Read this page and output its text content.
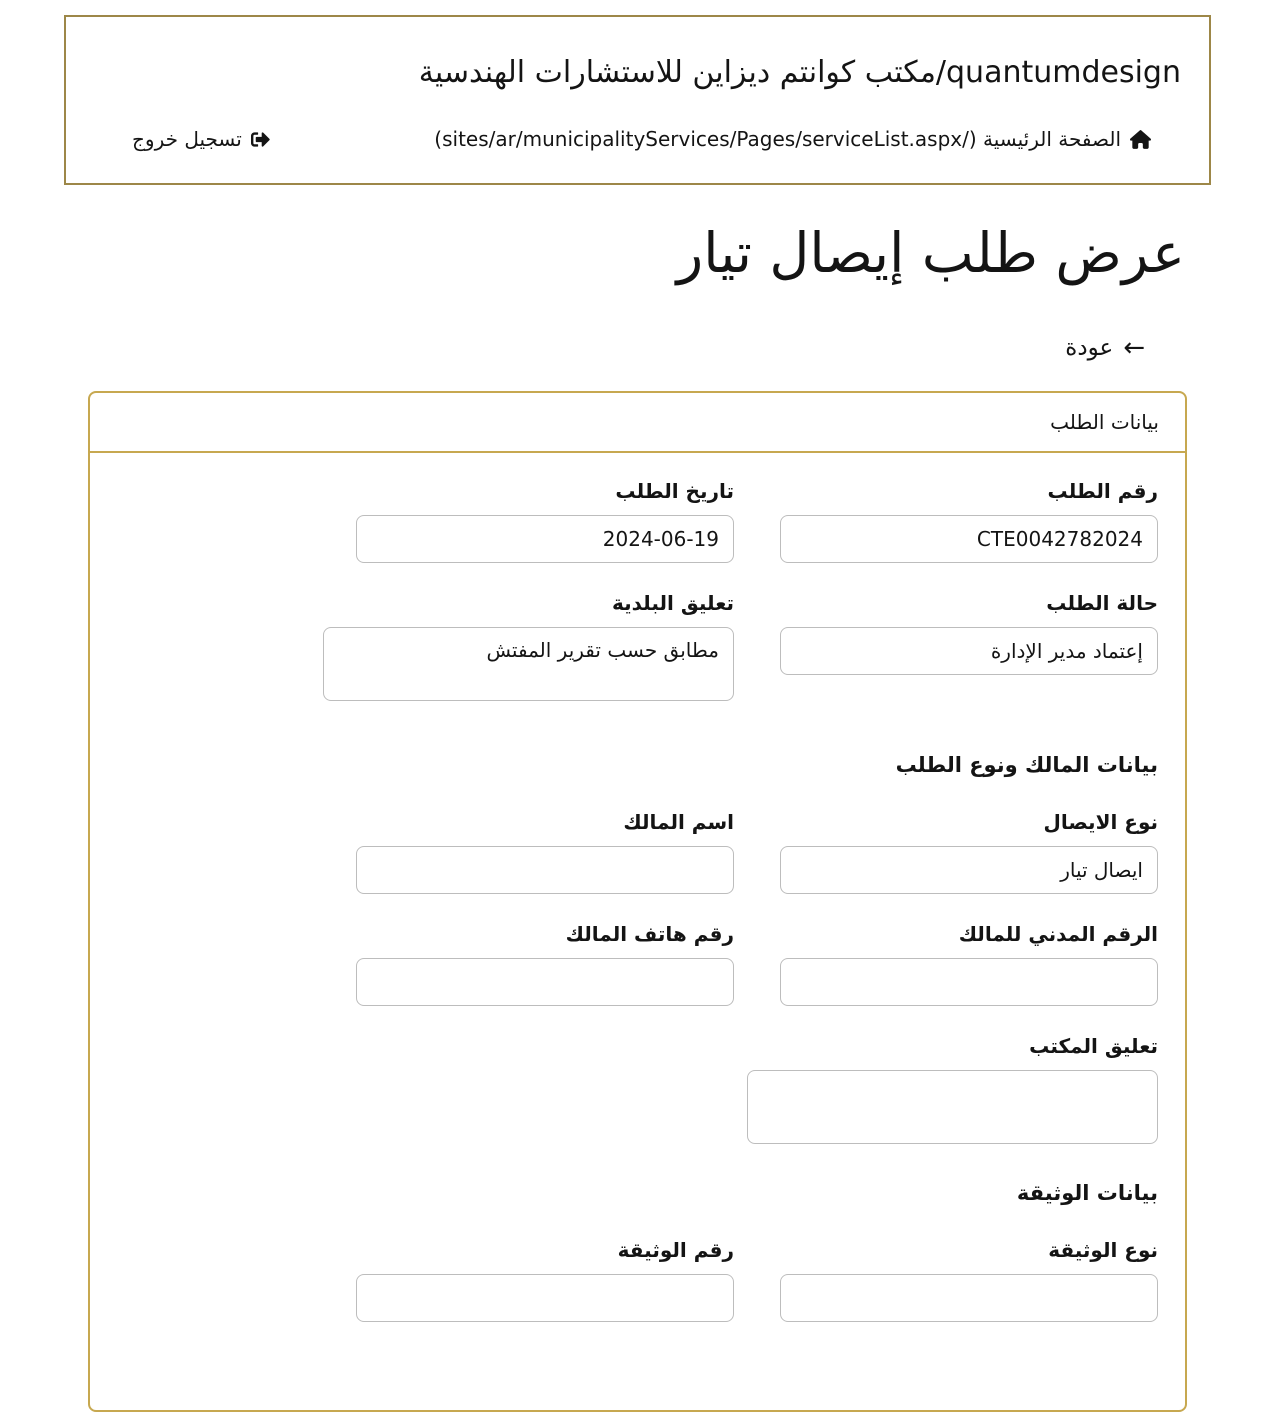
quantumdesign/مكتب كوانتم ديزاين للاستشارات الهندسية
الصفحة الرئيسية (/sites/ar/municipalityServices/Pages/serviceList.aspx)
تسجيل خروج
عرض طلب إيصال تيار
←
عودة
بيانات الطلب
رقم الطلب
CTE0042782024
تاريخ الطلب
2024-06-19
حالة الطلب
إعتماد مدير الإدارة
تعليق البلدية
مطابق حسب تقرير المفتش
بيانات المالك ونوع الطلب
نوع الايصال
ايصال تيار
اسم المالك
الرقم المدني للمالك
رقم هاتف المالك
تعليق المكتب
بيانات الوثيقة
نوع الوثيقة
رقم الوثيقة
